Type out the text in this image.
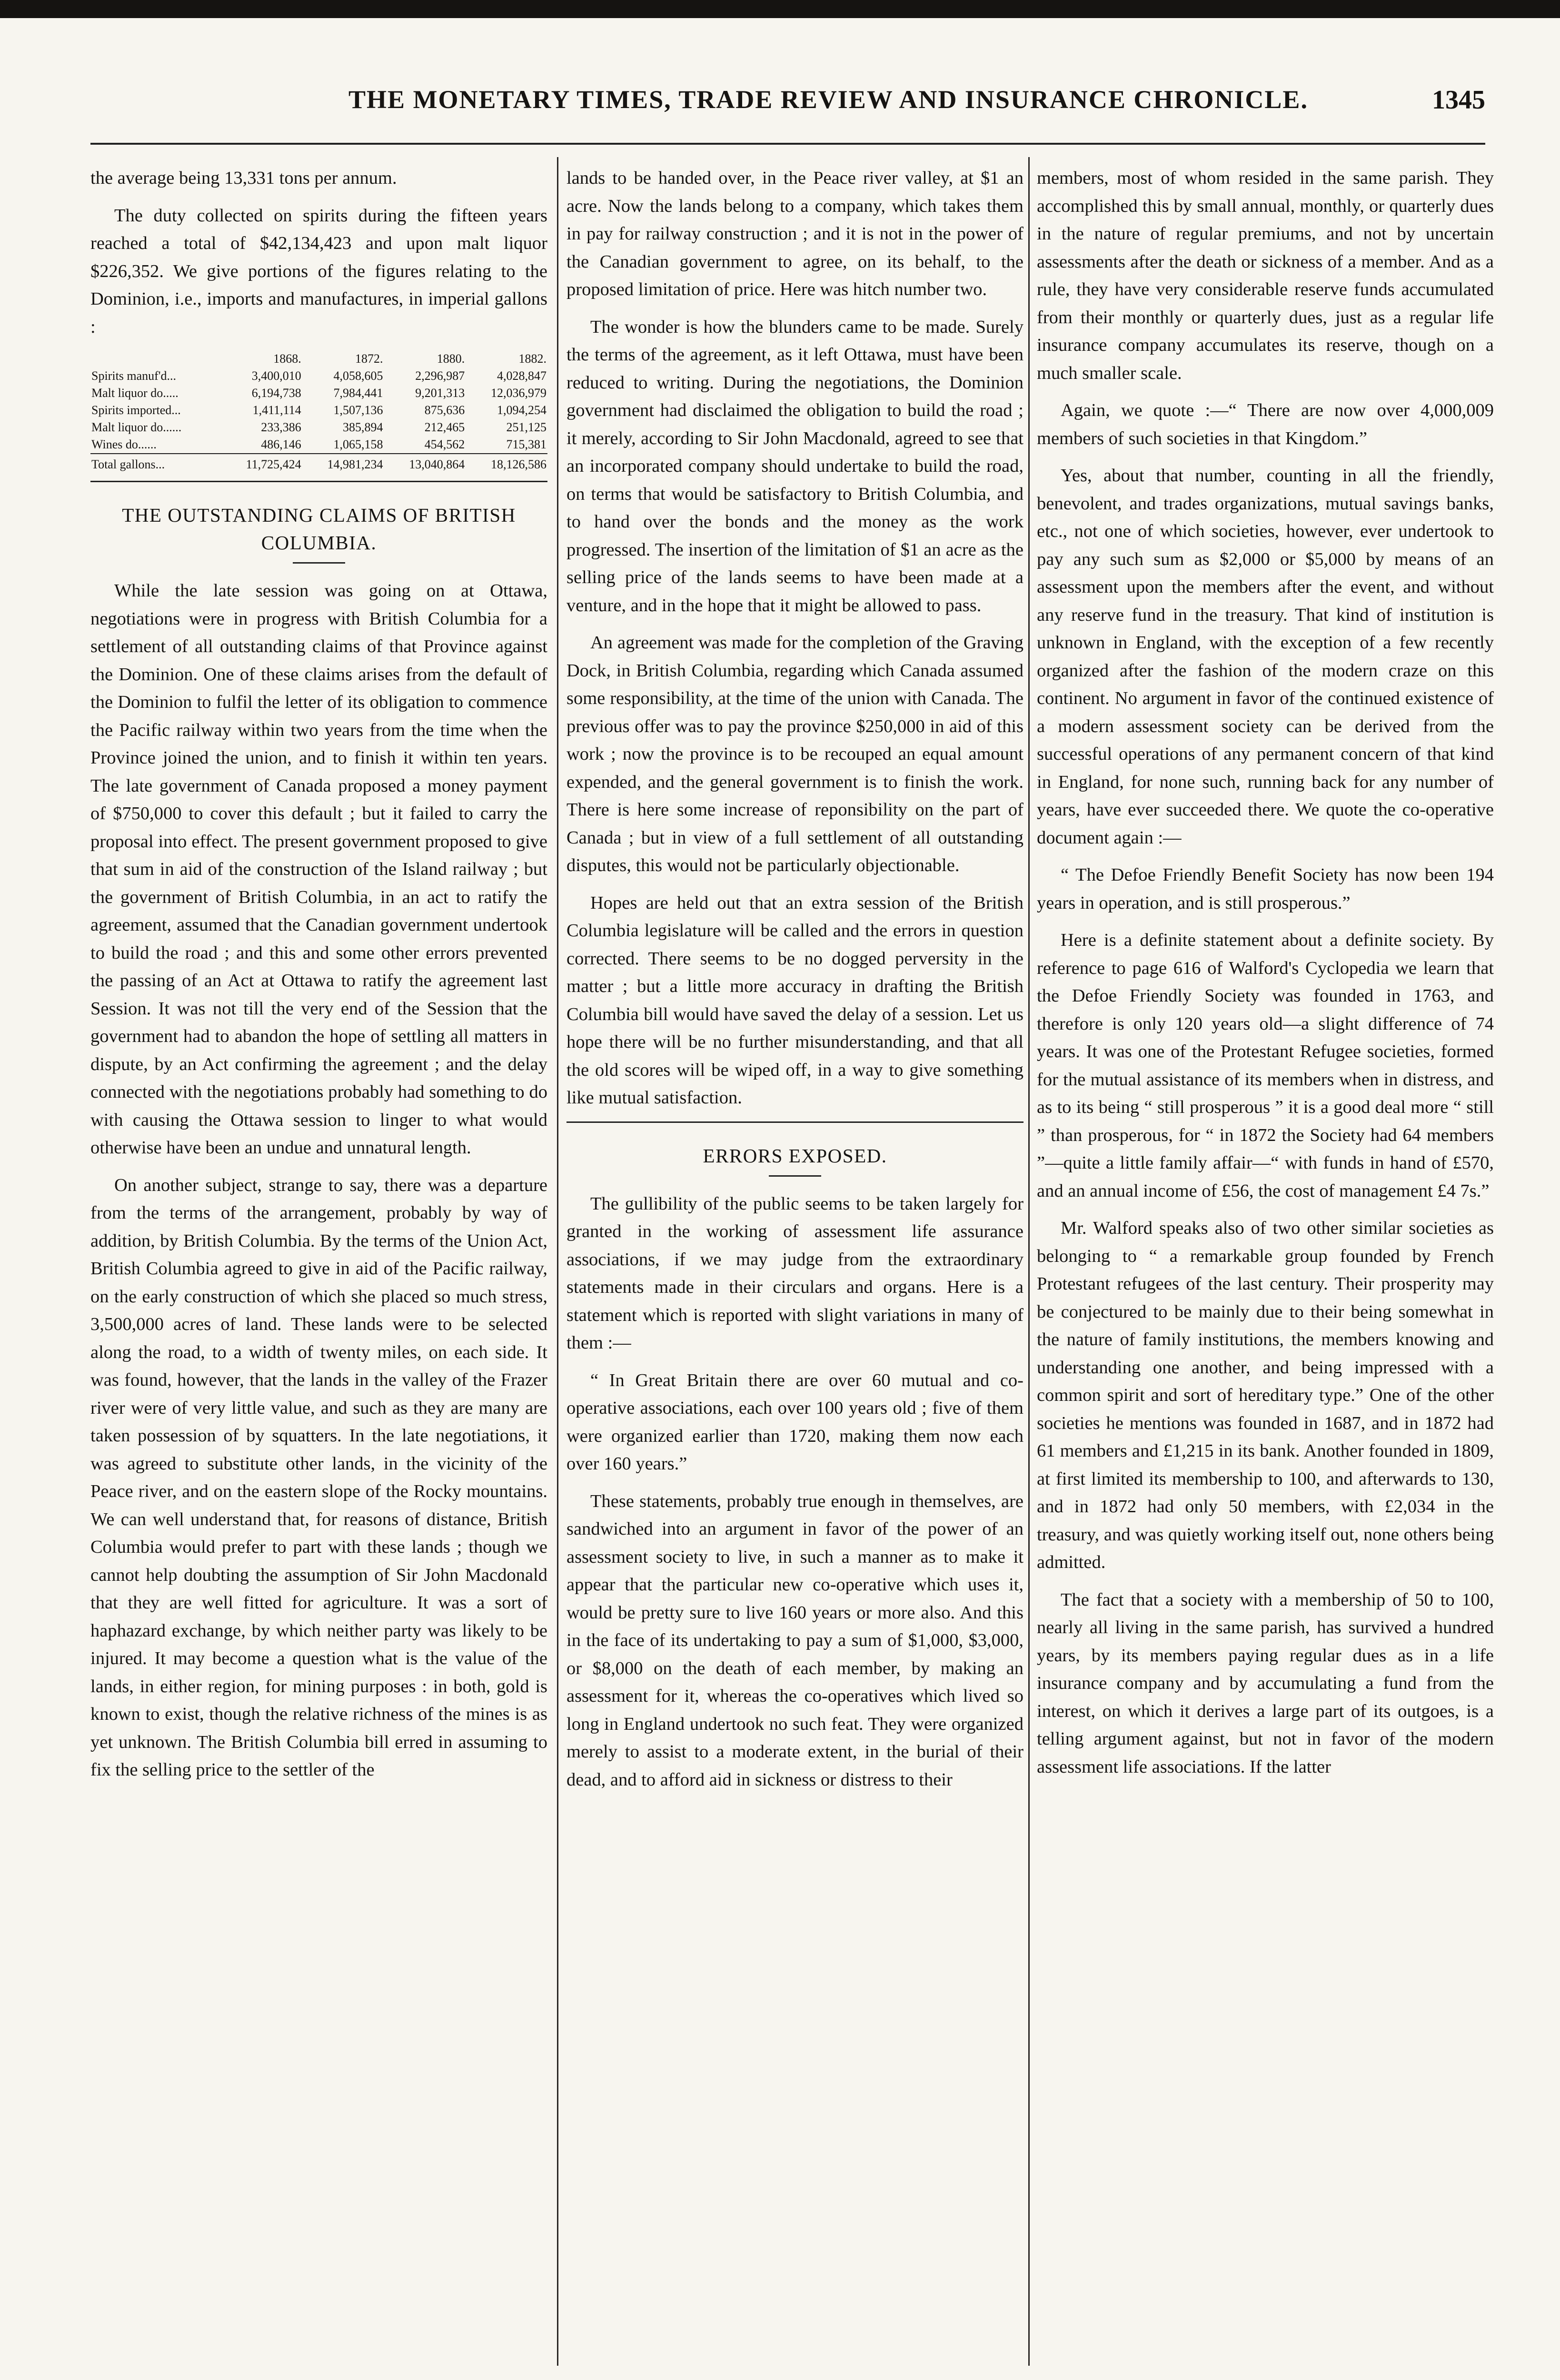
THE MONETARY TIMES, TRADE REVIEW AND INSURANCE CHRONICLE.	1345

the average being 13,331 tons per annum.

The duty collected on spirits during the fifteen years reached a total of $42,134,423 and upon malt liquor $226,352. We give portions of the figures relating to the Dominion, i.e., imports and manufactures, in imperial gallons :

	1868.	1872.	1880.	1882.
Spirits manuf'd...	3,400,010	4,058,605	2,296,987	4,028,847
Malt liquor do.....	6,194,738	7,984,441	9,201,313	12,036,979
Spirits imported...	1,411,114	1,507,136	875,636	1,094,254
Malt liquor do......	233,386	385,894	212,465	251,125
Wines do......	486,146	1,065,158	454,562	715,381
Total gallons...	11,725,424	14,981,234	13,040,864	18,126,586
THE OUTSTANDING CLAIMS OF BRITISH COLUMBIA.

While the late session was going on at Ottawa, negotiations were in progress with British Columbia for a settlement of all outstanding claims of that Province against the Dominion. One of these claims arises from the default of the Dominion to fulfil the letter of its obligation to commence the Pacific railway within two years from the time when the Province joined the union, and to finish it within ten years. The late government of Canada proposed a money payment of $750,000 to cover this default ; but it failed to carry the proposal into effect. The present government proposed to give that sum in aid of the construction of the Island railway ; but the government of British Columbia, in an act to ratify the agreement, assumed that the Canadian government undertook to build the road ; and this and some other errors prevented the passing of an Act at Ottawa to ratify the agreement last Session. It was not till the very end of the Session that the government had to abandon the hope of settling all matters in dispute, by an Act confirming the agreement ; and the delay connected with the negotiations probably had something to do with causing the Ottawa session to linger to what would otherwise have been an undue and unnatural length.

On another subject, strange to say, there was a departure from the terms of the arrangement, probably by way of addition, by British Columbia. By the terms of the Union Act, British Columbia agreed to give in aid of the Pacific railway, on the early construction of which she placed so much stress, 3,500,000 acres of land. These lands were to be selected along the road, to a width of twenty miles, on each side. It was found, however, that the lands in the valley of the Frazer river were of very little value, and such as they are many are taken possession of by squatters. In the late negotiations, it was agreed to substitute other lands, in the vicinity of the Peace river, and on the eastern slope of the Rocky mountains. We can well understand that, for reasons of distance, British Columbia would prefer to part with these lands ; though we cannot help doubting the assumption of Sir John Macdonald that they are well fitted for agriculture. It was a sort of haphazard exchange, by which neither party was likely to be injured. It may become a question what is the value of the lands, in either region, for mining purposes : in both, gold is known to exist, though the relative richness of the mines is as yet unknown. The British Columbia bill erred in assuming to fix the selling price to the settler of the

lands to be handed over, in the Peace river valley, at $1 an acre. Now the lands belong to a company, which takes them in pay for railway construction ; and it is not in the power of the Canadian government to agree, on its behalf, to the proposed limitation of price. Here was hitch number two.

The wonder is how the blunders came to be made. Surely the terms of the agreement, as it left Ottawa, must have been reduced to writing. During the negotiations, the Dominion government had disclaimed the obligation to build the road ; it merely, according to Sir John Macdonald, agreed to see that an incorporated company should undertake to build the road, on terms that would be satisfactory to British Columbia, and to hand over the bonds and the money as the work progressed. The insertion of the limitation of $1 an acre as the selling price of the lands seems to have been made at a venture, and in the hope that it might be allowed to pass.

An agreement was made for the completion of the Graving Dock, in British Columbia, regarding which Canada assumed some responsibility, at the time of the union with Canada. The previous offer was to pay the province $250,000 in aid of this work ; now the province is to be recouped an equal amount expended, and the general government is to finish the work. There is here some increase of reponsibility on the part of Canada ; but in view of a full settlement of all outstanding disputes, this would not be particularly objectionable.

Hopes are held out that an extra session of the British Columbia legislature will be called and the errors in question corrected. There seems to be no dogged perversity in the matter ; but a little more accuracy in drafting the British Columbia bill would have saved the delay of a session. Let us hope there will be no further misunderstanding, and that all the old scores will be wiped off, in a way to give something like mutual satisfaction.

ERRORS EXPOSED.

The gullibility of the public seems to be taken largely for granted in the working of assessment life assurance associations, if we may judge from the extraordinary statements made in their circulars and organs. Here is a statement which is reported with slight variations in many of them :—

“ In Great Britain there are over 60 mutual and co-operative associations, each over 100 years old ; five of them were organized earlier than 1720, making them now each over 160 years.”

These statements, probably true enough in themselves, are sandwiched into an argument in favor of the power of an assessment society to live, in such a manner as to make it appear that the particular new co-operative which uses it, would be pretty sure to live 160 years or more also. And this in the face of its undertaking to pay a sum of $1,000, $3,000, or $8,000 on the death of each member, by making an assessment for it, whereas the co-operatives which lived so long in England undertook no such feat. They were organized merely to assist to a moderate extent, in the burial of their dead, and to afford aid in sickness or distress to their

members, most of whom resided in the same parish. They accomplished this by small annual, monthly, or quarterly dues in the nature of regular premiums, and not by uncertain assessments after the death or sickness of a member. And as a rule, they have very considerable reserve funds accumulated from their monthly or quarterly dues, just as a regular life insurance company accumulates its reserve, though on a much smaller scale.

Again, we quote :—“ There are now over 4,000,009 members of such societies in that Kingdom.”

Yes, about that number, counting in all the friendly, benevolent, and trades organizations, mutual savings banks, etc., not one of which societies, however, ever undertook to pay any such sum as $2,000 or $5,000 by means of an assessment upon the members after the event, and without any reserve fund in the treasury. That kind of institution is unknown in England, with the exception of a few recently organized after the fashion of the modern craze on this continent. No argument in favor of the continued existence of a modern assessment society can be derived from the successful operations of any permanent concern of that kind in England, for none such, running back for any number of years, have ever succeeded there. We quote the co-operative document again :—

“ The Defoe Friendly Benefit Society has now been 194 years in operation, and is still prosperous.”

Here is a definite statement about a definite society. By reference to page 616 of Walford's Cyclopedia we learn that the Defoe Friendly Society was founded in 1763, and therefore is only 120 years old—a slight difference of 74 years. It was one of the Protestant Refugee societies, formed for the mutual assistance of its members when in distress, and as to its being “ still prosperous ” it is a good deal more “ still ” than prosperous, for “ in 1872 the Society had 64 members ”—quite a little family affair—“ with funds in hand of £570, and an annual income of £56, the cost of management £4 7s.”

Mr. Walford speaks also of two other similar societies as belonging to “ a remarkable group founded by French Protestant refugees of the last century. Their prosperity may be conjectured to be mainly due to their being somewhat in the nature of family institutions, the members knowing and understanding one another, and being impressed with a common spirit and sort of hereditary type.” One of the other societies he mentions was founded in 1687, and in 1872 had 61 members and £1,215 in its bank. Another founded in 1809, at first limited its membership to 100, and afterwards to 130, and in 1872 had only 50 members, with £2,034 in the treasury, and was quietly working itself out, none others being admitted.

The fact that a society with a membership of 50 to 100, nearly all living in the same parish, has survived a hundred years, by its members paying regular dues as in a life insurance company and by accumulating a fund from the interest, on which it derives a large part of its outgoes, is a telling argument against, but not in favor of the modern assessment life associations. If the latter
